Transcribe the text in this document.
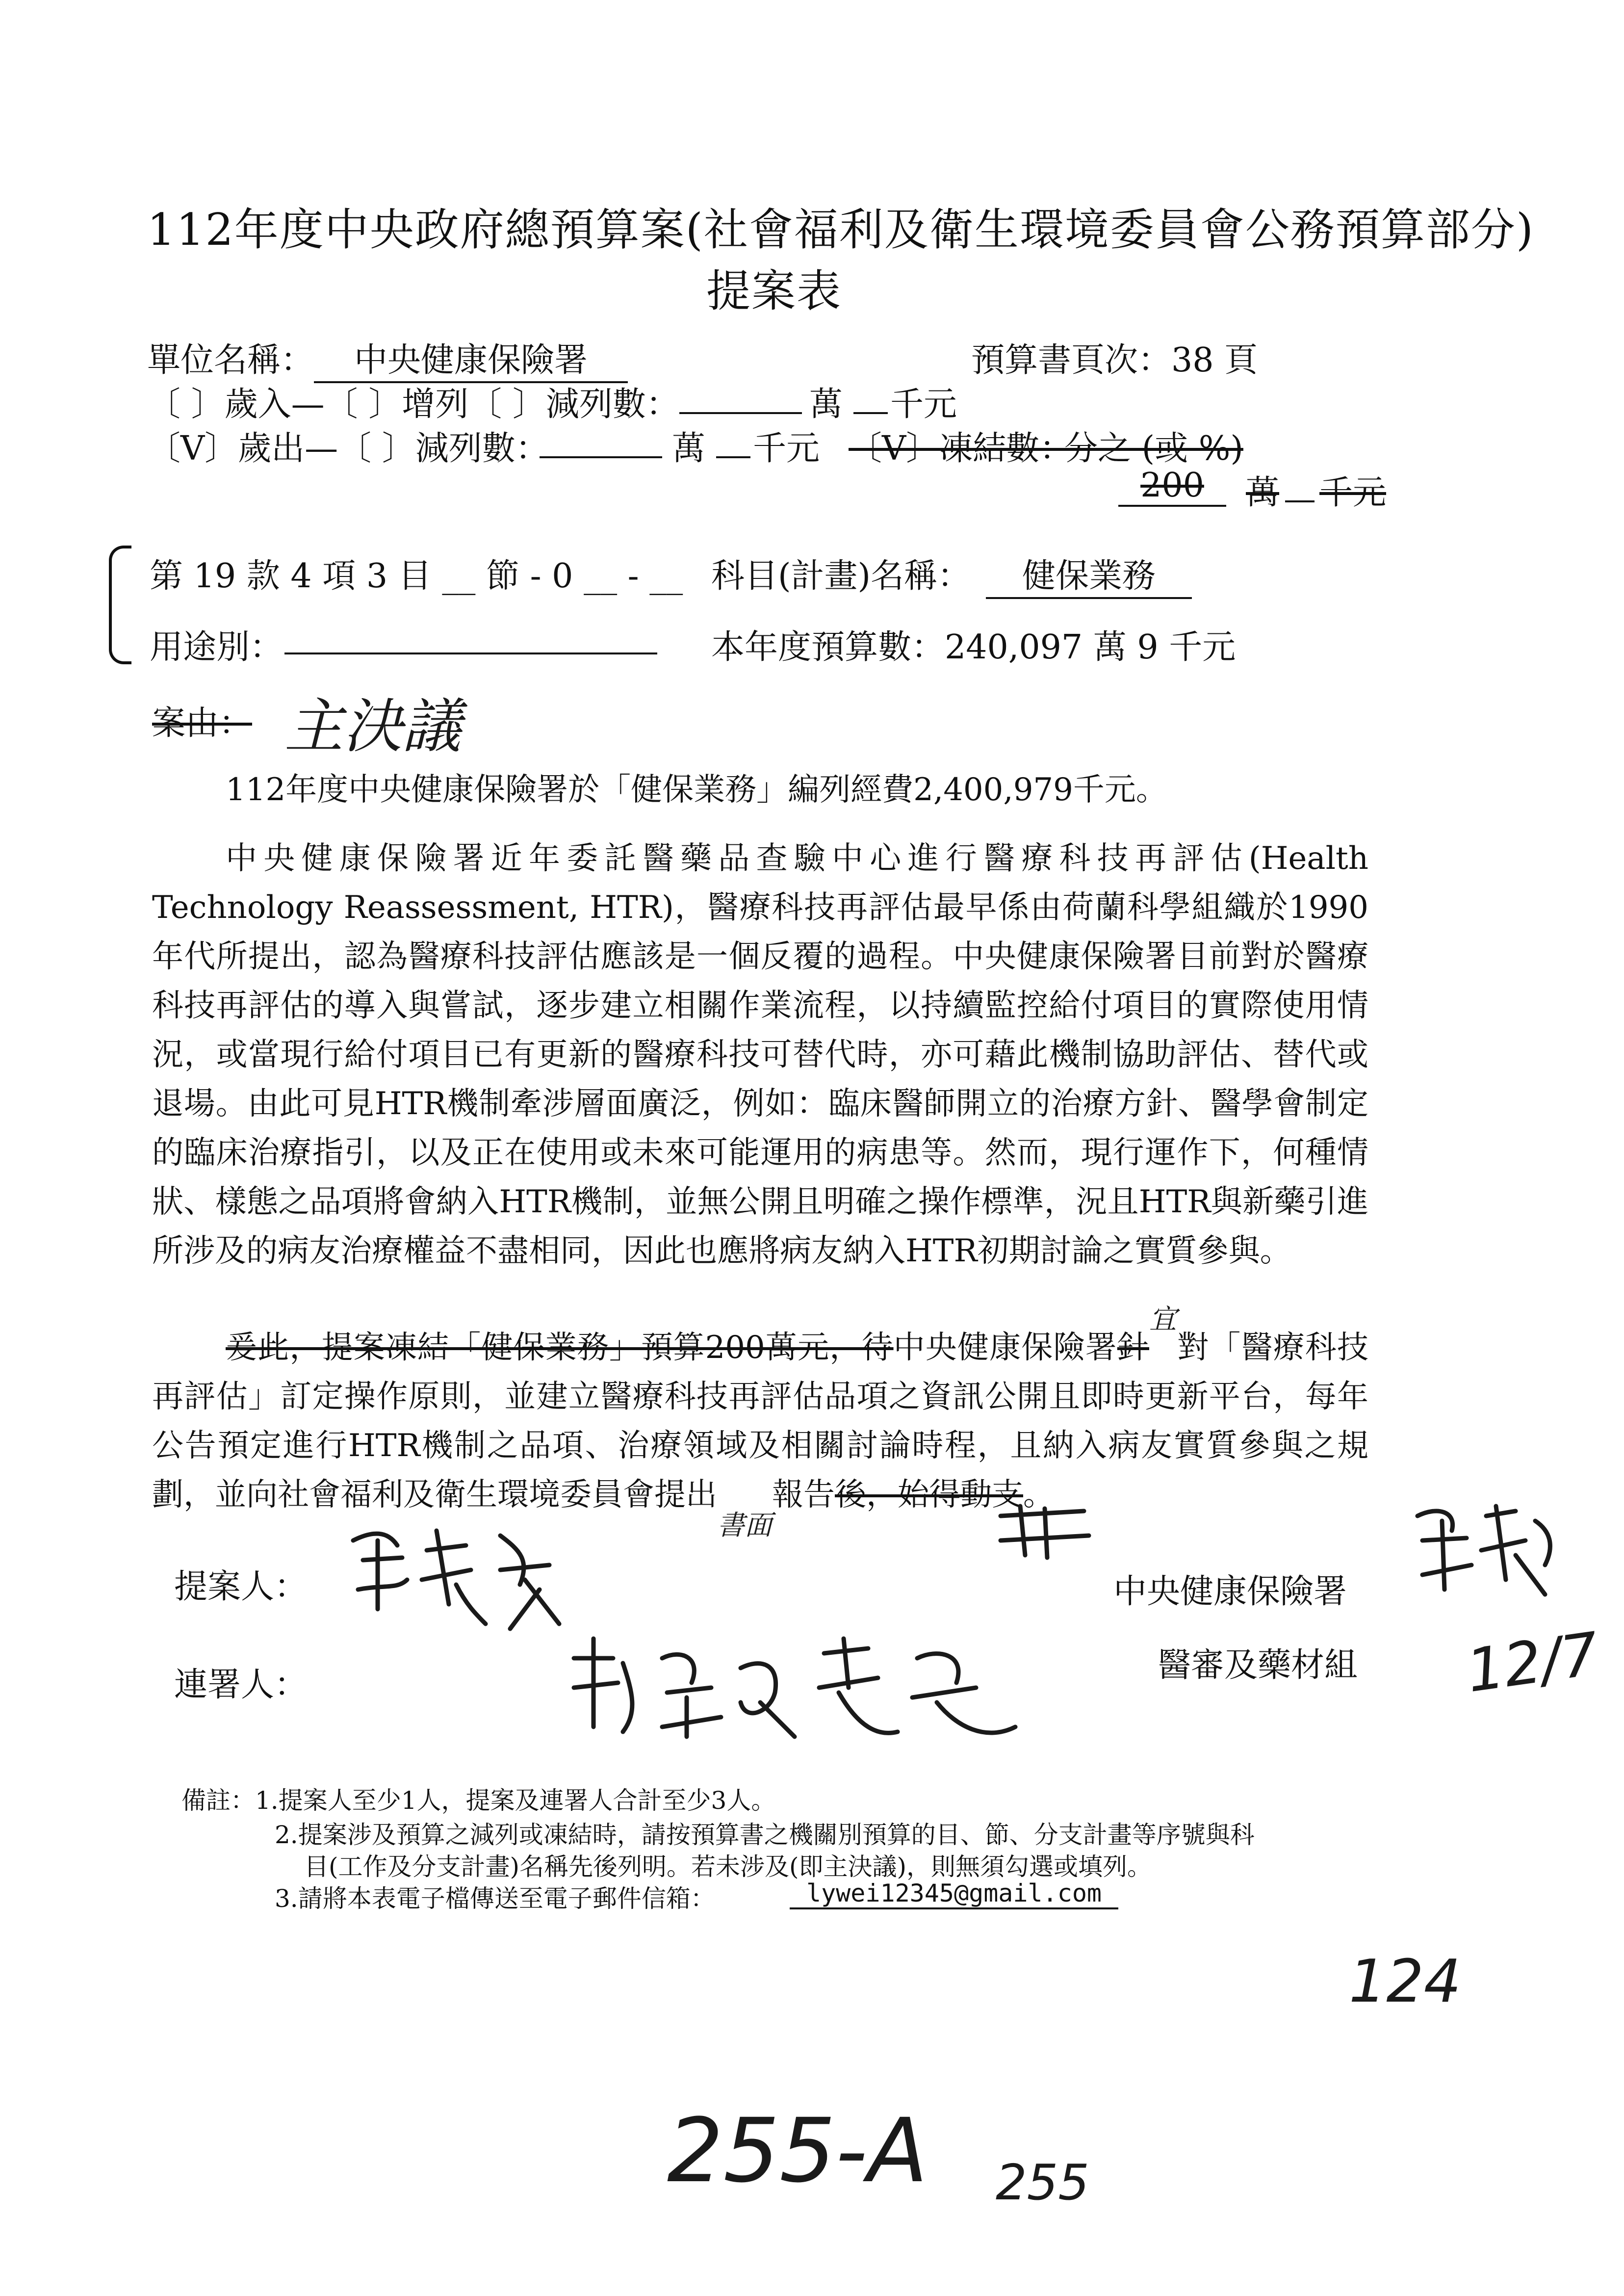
112年度中央政府總預算案(社會福利及衛生環境委員會公務預算部分)
提案表
單位名稱：	中央健康保險署	預算書頁次：38 頁
〔 〕歲入—〔 〕增列〔 〕減列數：	萬 千元
〔V〕歲出—〔 〕減列數：	萬 千元 〔V〕凍結數：
分之 (或 %)
200	萬 千元
第 19 款 4 項 3 目 __ 節 - 0 __ - __ 科目(計畫)名稱：	健保業務
用途別：	本年度預算數：240,097 萬 9 千元
案由： 主決議
112年度中央健康保險署於「健保業務」編列經費2,400,979千元。
中央健康保險署近年委託醫藥品查驗中心進行醫療科技再評估(Health Technology Reassessment, HTR)，醫療科技再評估最早係由荷蘭科學組織於1990年代所提出，認為醫療科技評估應該是一個反覆的過程。中央健康保險署目前對於醫療科技再評估的導入與嘗試，逐步建立相關作業流程，以持續監控給付項目的實際使用情況，或當現行給付項目已有更新的醫療科技可替代時，亦可藉此機制協助評估、替代或退場。由此可見HTR機制牽涉層面廣泛，例如：臨床醫師開立的治療方針、醫學會制定的臨床治療指引，以及正在使用或未來可能運用的病患等。然而，現行運作下，何種情狀、樣態之品項將會納入HTR機制，並無公開且明確之操作標準，況且HTR與新藥引進所涉及的病友治療權益不盡相同，因此也應將病友納入HTR初期討論之實質參與。
爰此，提案凍結「健保業務」預算200萬元，待中央健康保險署針宜對「醫療科技再評估」訂定操作原則，並建立醫療科技再評估品項之資訊公開且即時更新平台，每年公告預定進行HTR機制之品項、治療領域及相關討論時程，且納入病友實質參與之規劃，並向社會福利及衛生環境委員會提出書面報告後，始得動支。
提案人：
連署人：
中央健康保險署
醫審及藥材組 12/7
備註： 1.提案人至少1人，提案及連署人合計至少3人。
2.提案涉及預算之減列或凍結時，請按預算書之機關別預算的目、節、分支計畫等序號與科
目(工作及分支計畫)名稱先後列明。若未涉及(即主決議)，則無須勾選或填列。
3.請將本表電子檔傳送至電子郵件信箱：	lywei12345@gmail.com
124
255-A 255
